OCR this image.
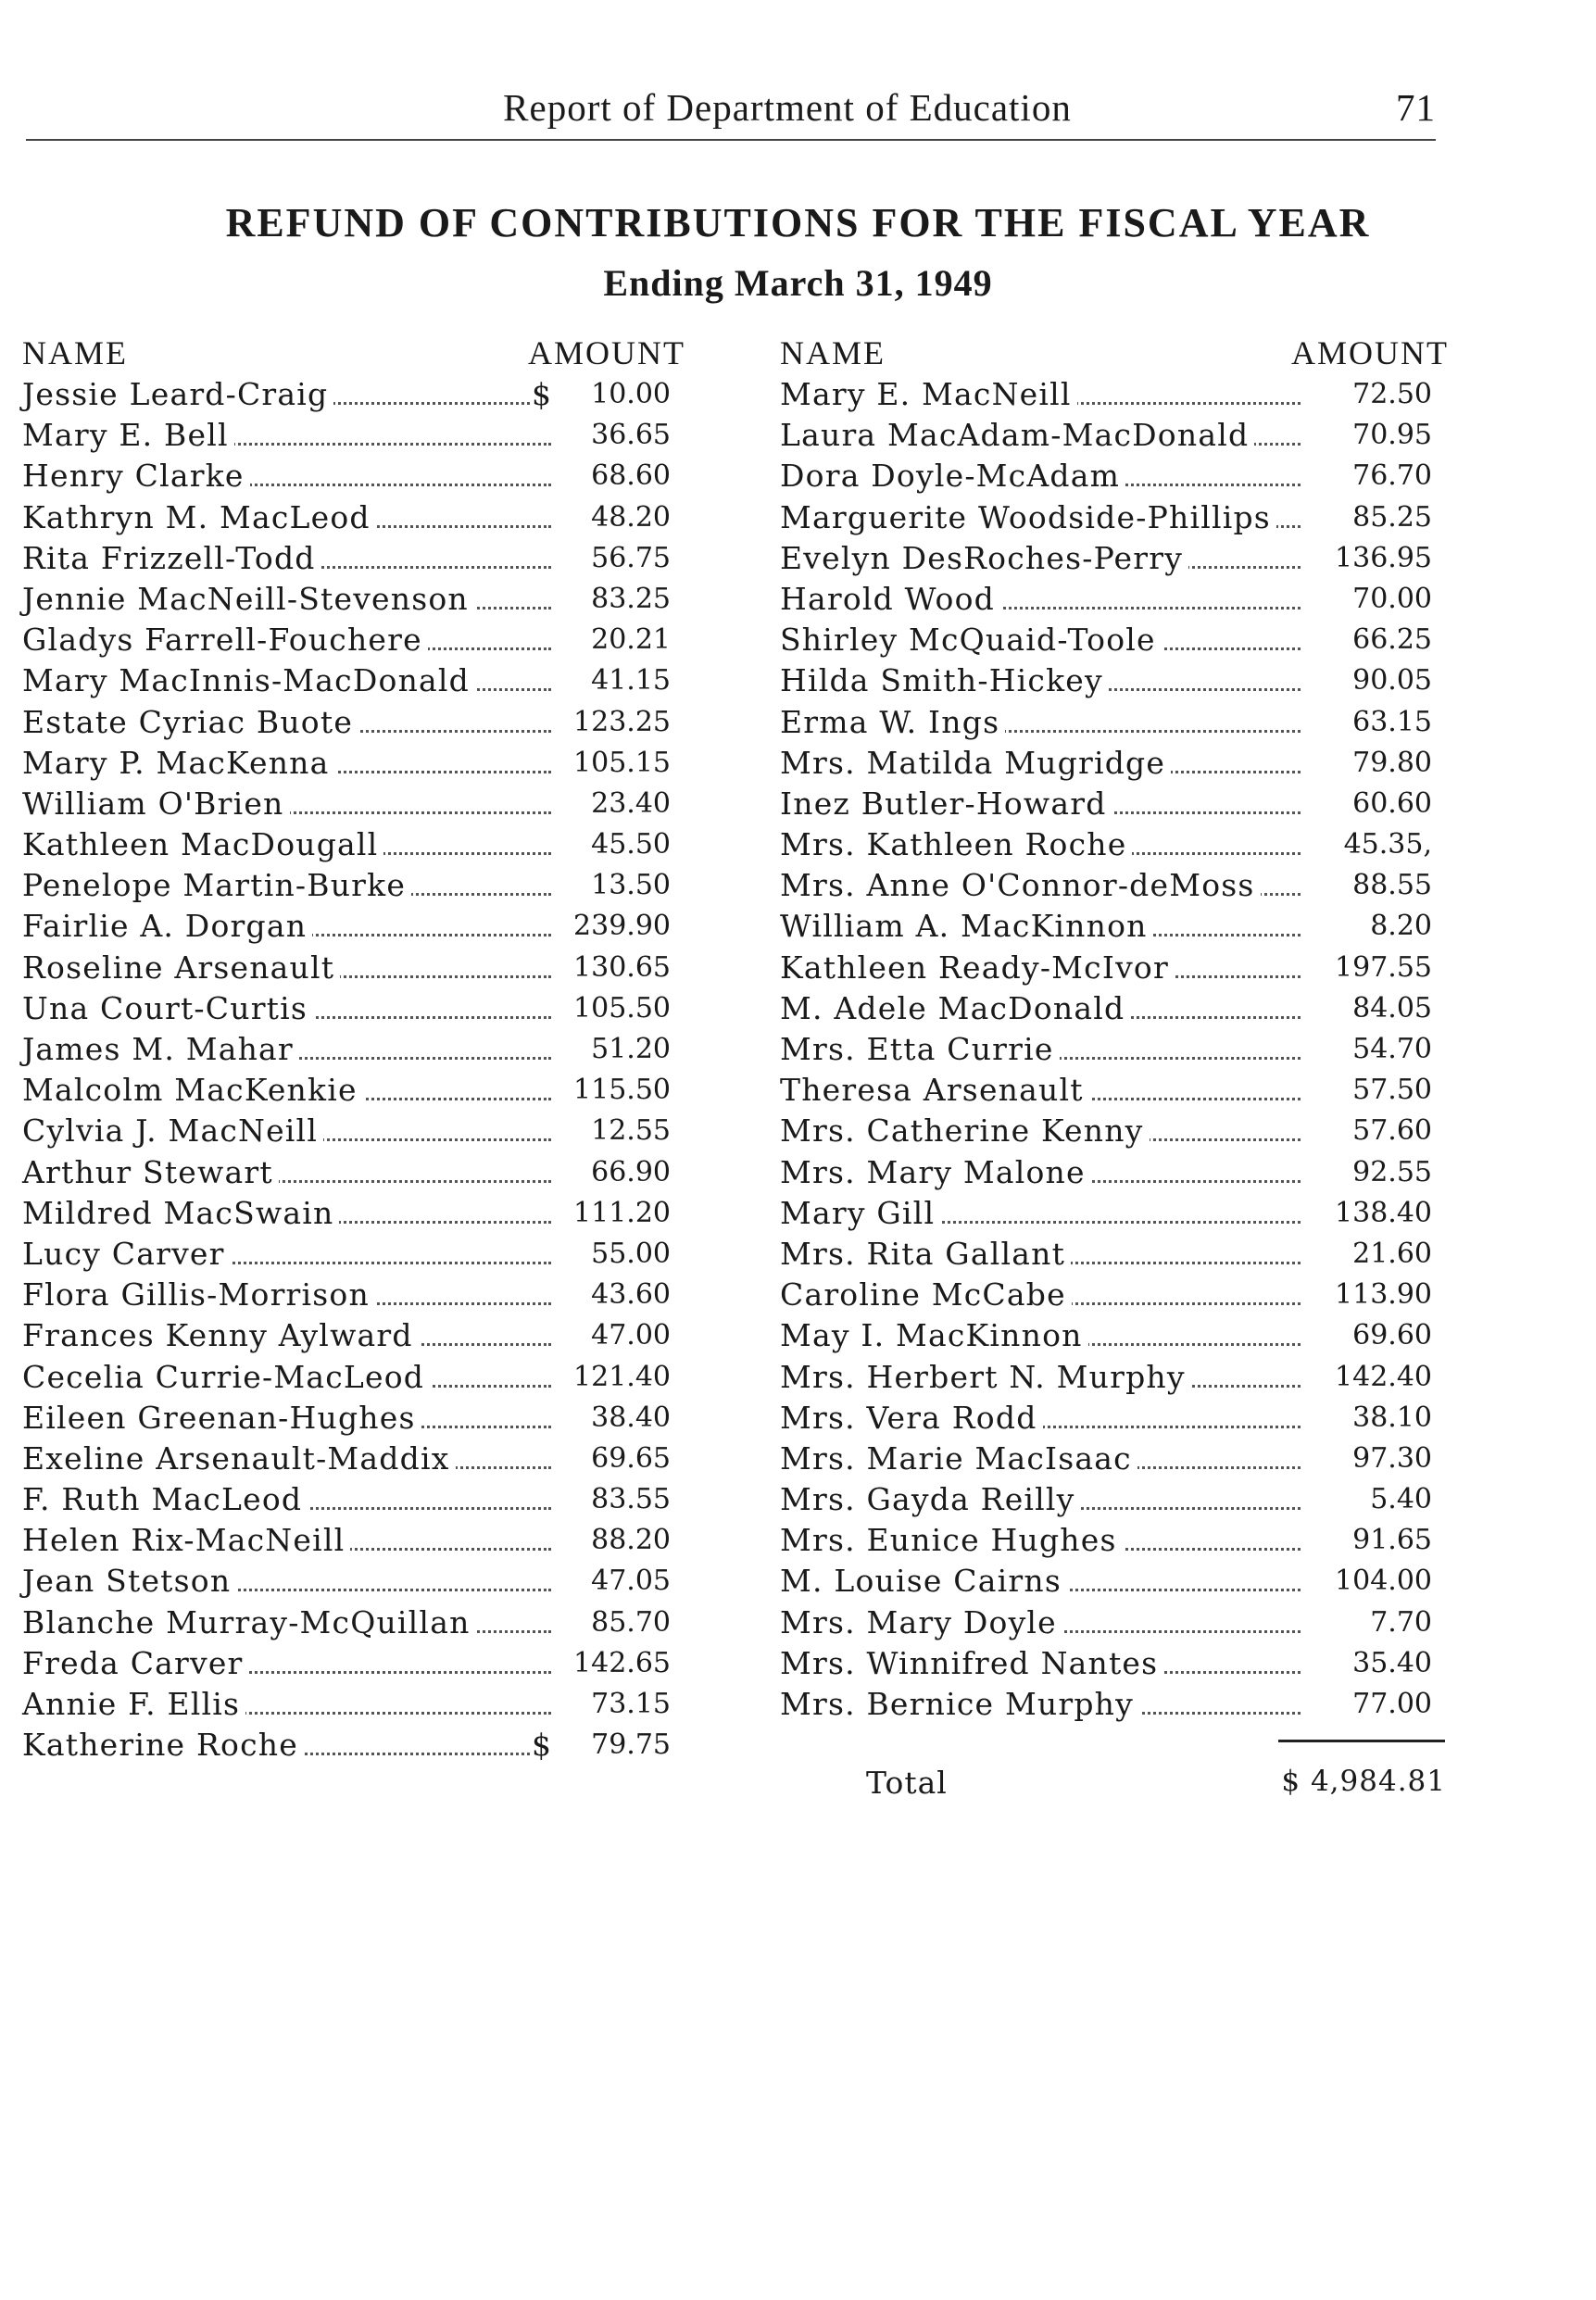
Report of Department of Education	71
REFUND OF CONTRIBUTIONS FOR THE FISCAL YEAR
Ending March 31, 1949
NAME	AMOUNT
Jessie Leard-Craig	$ 10.00
Mary E. Bell	36.65
Henry Clarke	68.60
Kathryn M. MacLeod	48.20
Rita Frizzell-Todd	56.75
Jennie MacNeill-Stevenson	83.25
Gladys Farrell-Fouchere	20.21
Mary MacInnis-MacDonald	41.15
Estate Cyriac Buote	123.25
Mary P. MacKenna	105.15
William O'Brien	23.40
Kathleen MacDougall	45.50
Penelope Martin-Burke	13.50
Fairlie A. Dorgan	239.90
Roseline Arsenault	130.65
Una Court-Curtis	105.50
James M. Mahar	51.20
Malcolm MacKenkie	115.50
Cylvia J. MacNeill	12.55
Arthur Stewart	66.90
Mildred MacSwain	111.20
Lucy Carver	55.00
Flora Gillis-Morrison	43.60
Frances Kenny Aylward	47.00
Cecelia Currie-MacLeod	121.40
Eileen Greenan-Hughes	38.40
Exeline Arsenault-Maddix	69.65
F. Ruth MacLeod	83.55
Helen Rix-MacNeill	88.20
Jean Stetson	47.05
Blanche Murray-McQuillan	85.70
Freda Carver	142.65
Annie F. Ellis	73.15
Katherine Roche	$ 79.75
NAME	AMOUNT
Mary E. MacNeill	72.50
Laura MacAdam-MacDonald	70.95
Dora Doyle-McAdam	76.70
Marguerite Woodside-Phillips	85.25
Evelyn DesRoches-Perry	136.95
Harold Wood	70.00
Shirley McQuaid-Toole	66.25
Hilda Smith-Hickey	90.05
Erma W. Ings	63.15
Mrs. Matilda Mugridge	79.80
Inez Butler-Howard	60.60
Mrs. Kathleen Roche	45.35,
Mrs. Anne O'Connor-deMoss	88.55
William A. MacKinnon	8.20
Kathleen Ready-McIvor	197.55
M. Adele MacDonald	84.05
Mrs. Etta Currie	54.70
Theresa Arsenault	57.50
Mrs. Catherine Kenny	57.60
Mrs. Mary Malone	92.55
Mary Gill	138.40
Mrs. Rita Gallant	21.60
Caroline McCabe	113.90
May I. MacKinnon	69.60
Mrs. Herbert N. Murphy	142.40
Mrs. Vera Rodd	38.10
Mrs. Marie MacIsaac	97.30
Mrs. Gayda Reilly	5.40
Mrs. Eunice Hughes	91.65
M. Louise Cairns	104.00
Mrs. Mary Doyle	7.70
Mrs. Winnifred Nantes	35.40
Mrs. Bernice Murphy	77.00
Total	$ 4,984.81
